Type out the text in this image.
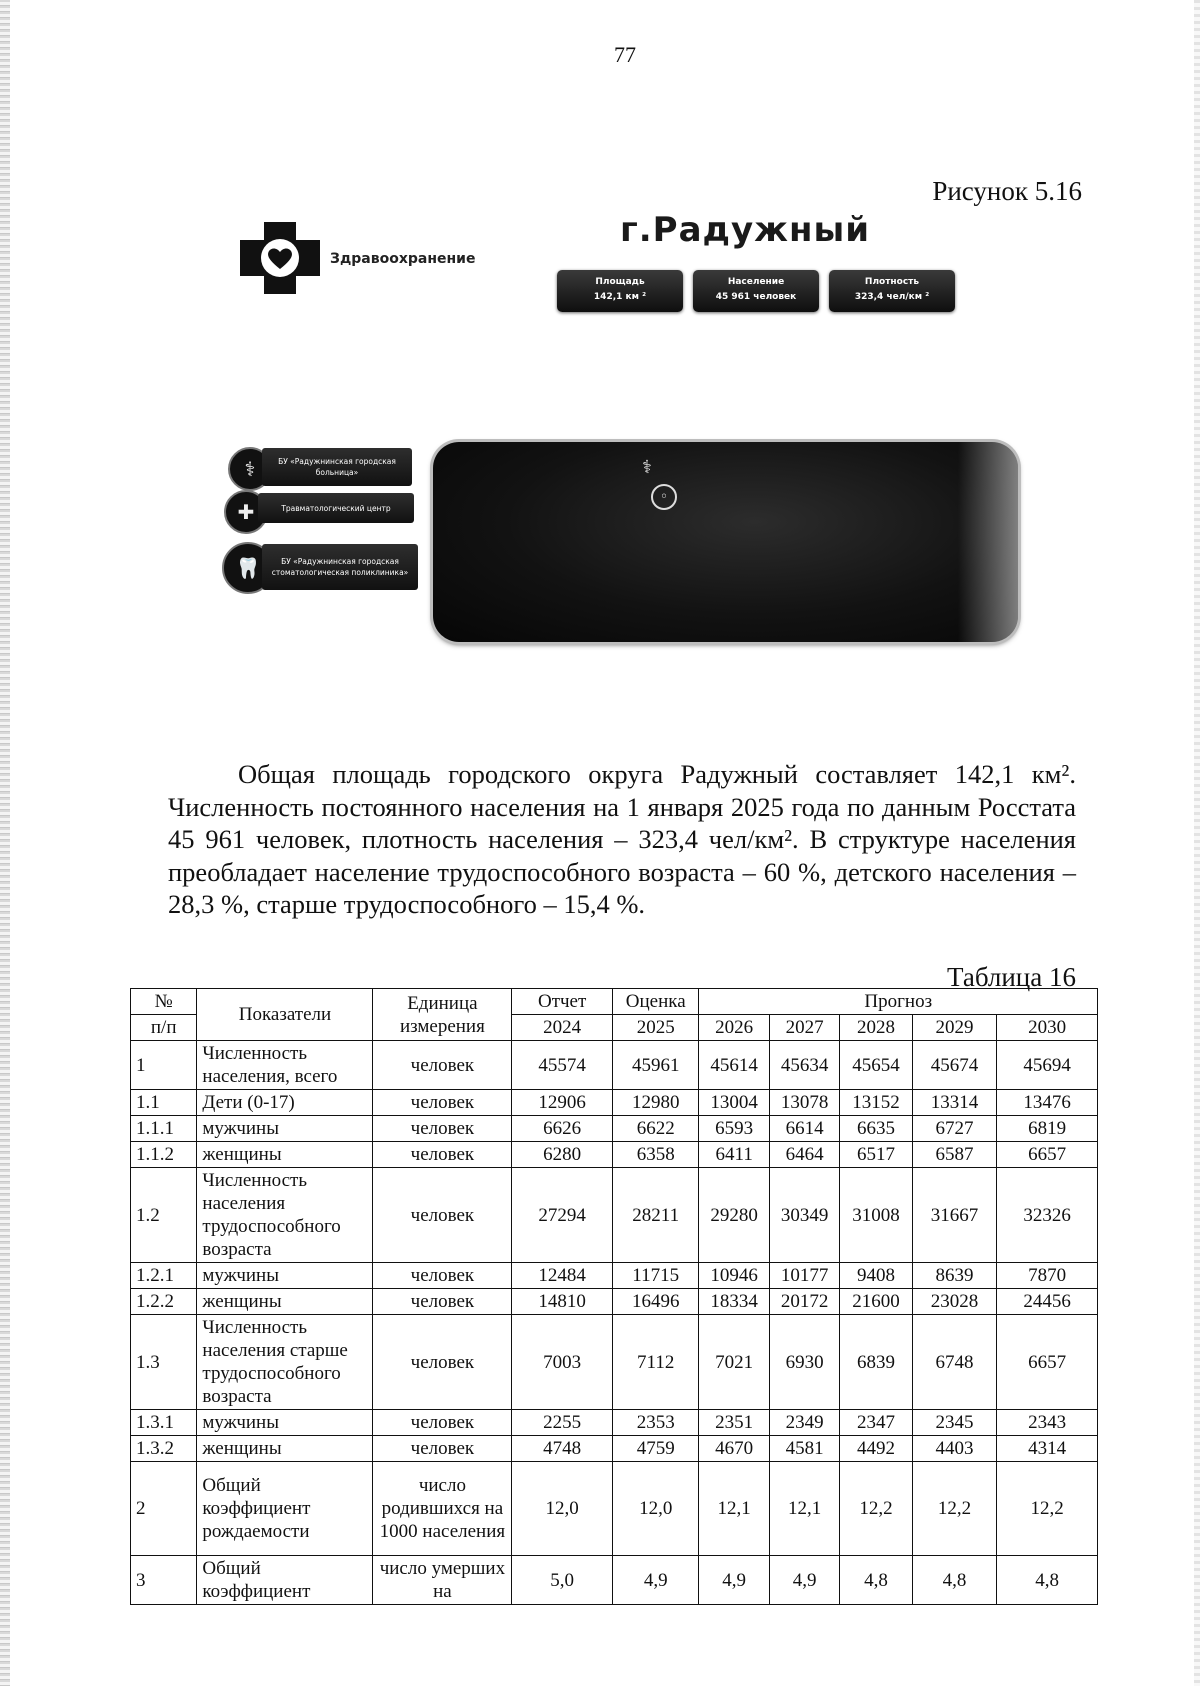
77
Рисунок 5.16
Здравоохранение
г.Радужный
Площадь
142,1 км ²
Население
45 961 человек
Плотность
323,4 чел/км ²
⚕	БУ «Радужнинская городская больница»
✚	Травматологический центр
🦷	БУ «Радужнинская городская стоматологическая поликлиника»
⚕
◦

Общая площадь городского округа Радужный составляет 142,1 км². Численность постоянного населения на 1 января 2025 года по данным Росстата 45 961 человек, плотность населения – 323,4 чел/км². В структуре населения преобладает население трудоспособного возраста – 60 %, детского населения – 28,3 %, старше трудоспособного – 15,4 %.

Таблица 16
№	Показатели	Единица измерения	Отчет	Оценка	Прогноз				
п/п			2024	2025	2026	2027	2028	2029	2030
1	Численность населения, всего	человек	45574	45961	45614	45634	45654	45674	45694
1.1	Дети (0-17)	человек	12906	12980	13004	13078	13152	13314	13476
1.1.1	мужчины	человек	6626	6622	6593	6614	6635	6727	6819
1.1.2	женщины	человек	6280	6358	6411	6464	6517	6587	6657
1.2	Численность населения трудоспособного возраста	человек	27294	28211	29280	30349	31008	31667	32326
1.2.1	мужчины	человек	12484	11715	10946	10177	9408	8639	7870
1.2.2	женщины	человек	14810	16496	18334	20172	21600	23028	24456
1.3	Численность населения старше трудоспособного возраста	человек	7003	7112	7021	6930	6839	6748	6657
1.3.1	мужчины	человек	2255	2353	2351	2349	2347	2345	2343
1.3.2	женщины	человек	4748	4759	4670	4581	4492	4403	4314
2	Общий коэффициент рождаемости	число родившихся на 1000 населения	12,0	12,0	12,1	12,1	12,2	12,2	12,2
3	Общий коэффициент	число умерших на	5,0	4,9	4,9	4,9	4,8	4,8	4,8
